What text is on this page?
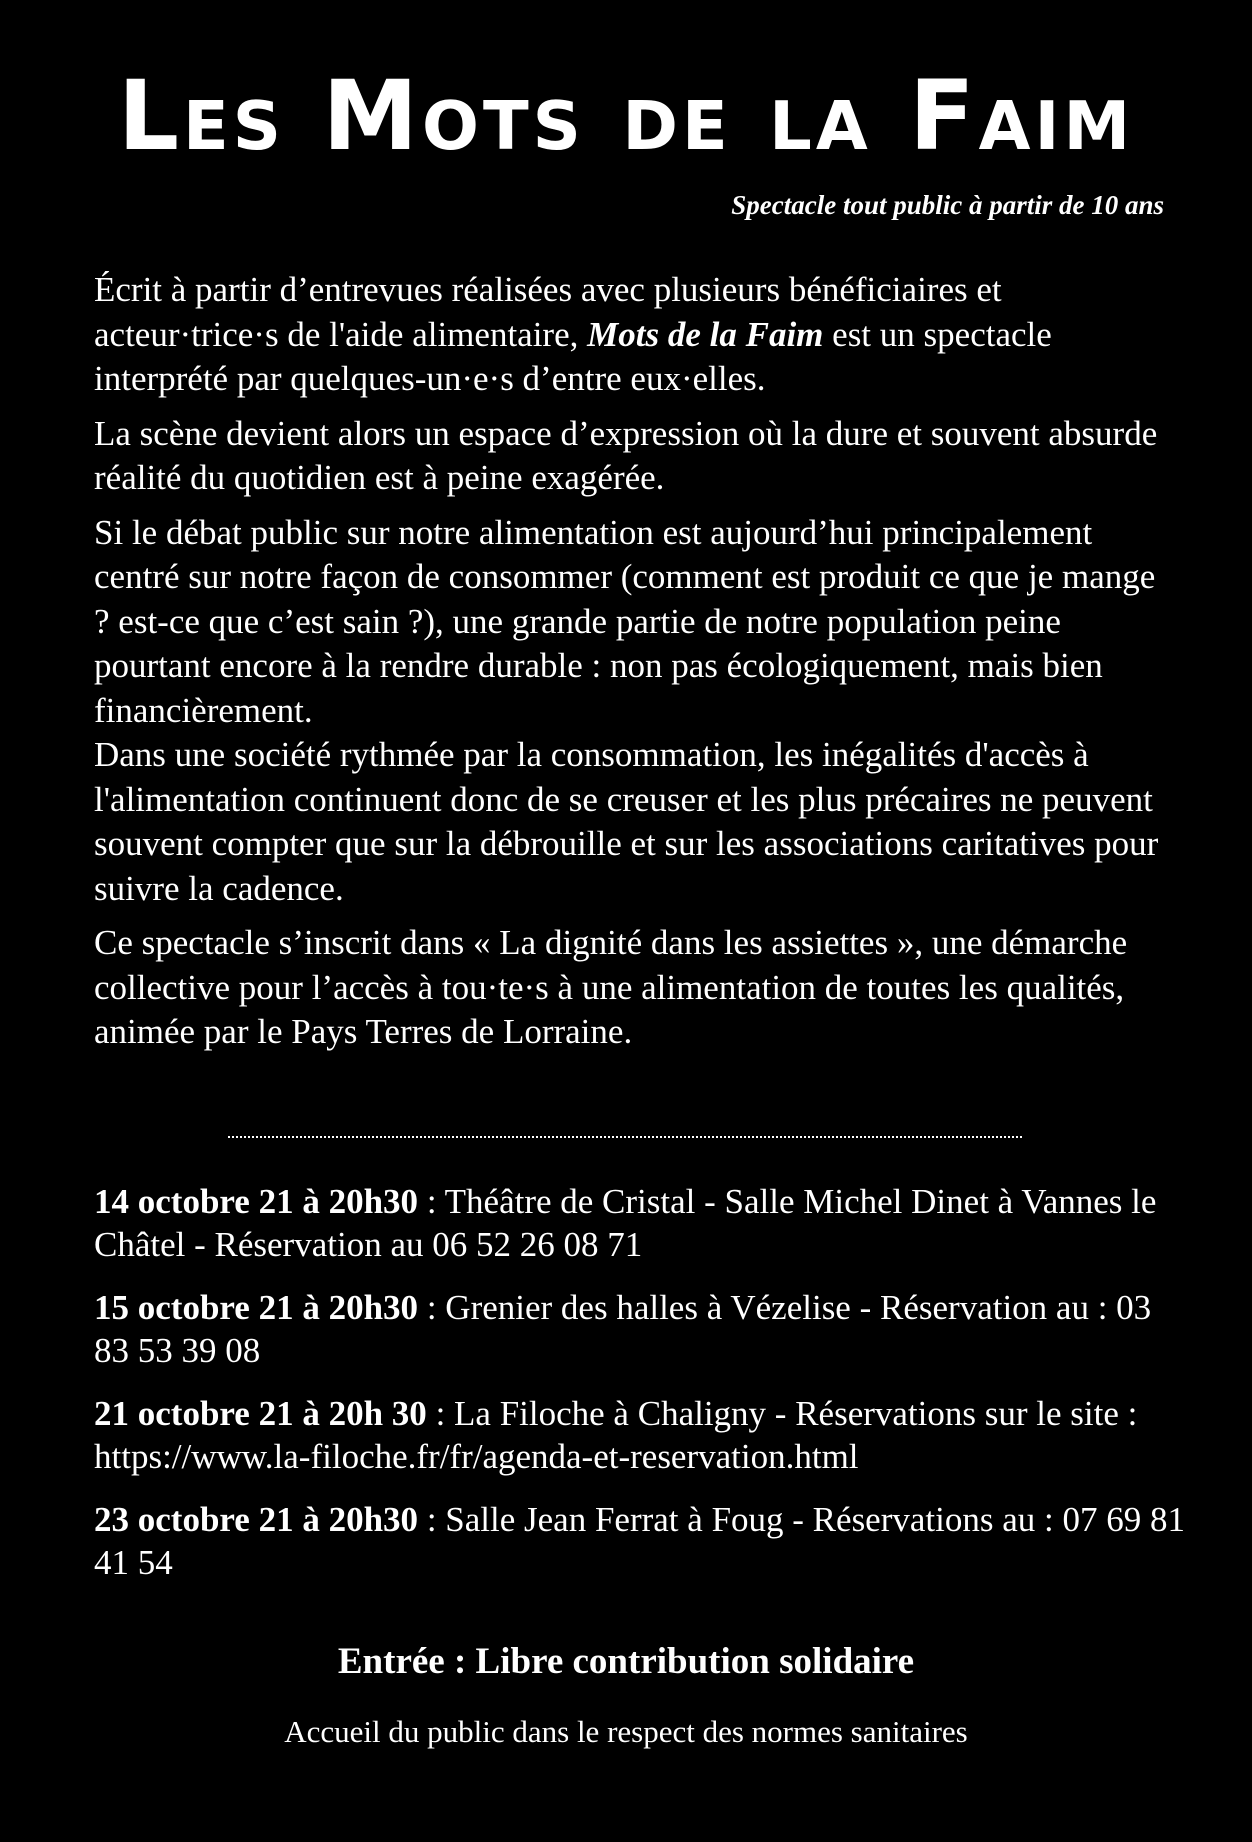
Les Mots de la Faim
Spectacle tout public à partir de 10 ans

Écrit à partir d’entrevues réalisées avec plusieurs bénéficiaires et acteur·trice·s de l'aide alimentaire, Mots de la Faim est un spectacle interprété par quelques-un·e·s d’entre eux·elles.

La scène devient alors un espace d’expression où la dure et souvent absurde réalité du quotidien est à peine exagérée.

Si le débat public sur notre alimentation est aujourd’hui principalement centré sur notre façon de consommer (comment est produit ce que je mange ? est-ce que c’est sain ?), une grande partie de notre population peine pourtant encore à la rendre durable : non pas écologiquement, mais bien financièrement.

Dans une société rythmée par la consommation, les inégalités d'accès à l'alimentation continuent donc de se creuser et les plus précaires ne peuvent souvent compter que sur la débrouille et sur les associations caritatives pour suivre la cadence.

Ce spectacle s’inscrit dans « La dignité dans les assiettes », une démarche collective pour l’accès à tou·te·s à une alimentation de toutes les qualités, animée par le Pays Terres de Lorraine.

14 octobre 21 à 20h30 : Théâtre de Cristal - Salle Michel Dinet à Vannes le Châtel - Réservation au 06 52 26 08 71
15 octobre 21 à 20h30 : Grenier des halles à Vézelise - Réservation au : 03 83 53 39 08
21 octobre 21 à 20h 30 : La Filoche à Chaligny - Réservations sur le site : https://www.la-filoche.fr/fr/agenda-et-reservation.html
23 octobre 21 à 20h30 : Salle Jean Ferrat à Foug - Réservations au : 07 69 81 41 54
Entrée : Libre contribution solidaire
Accueil du public dans le respect des normes sanitaires
